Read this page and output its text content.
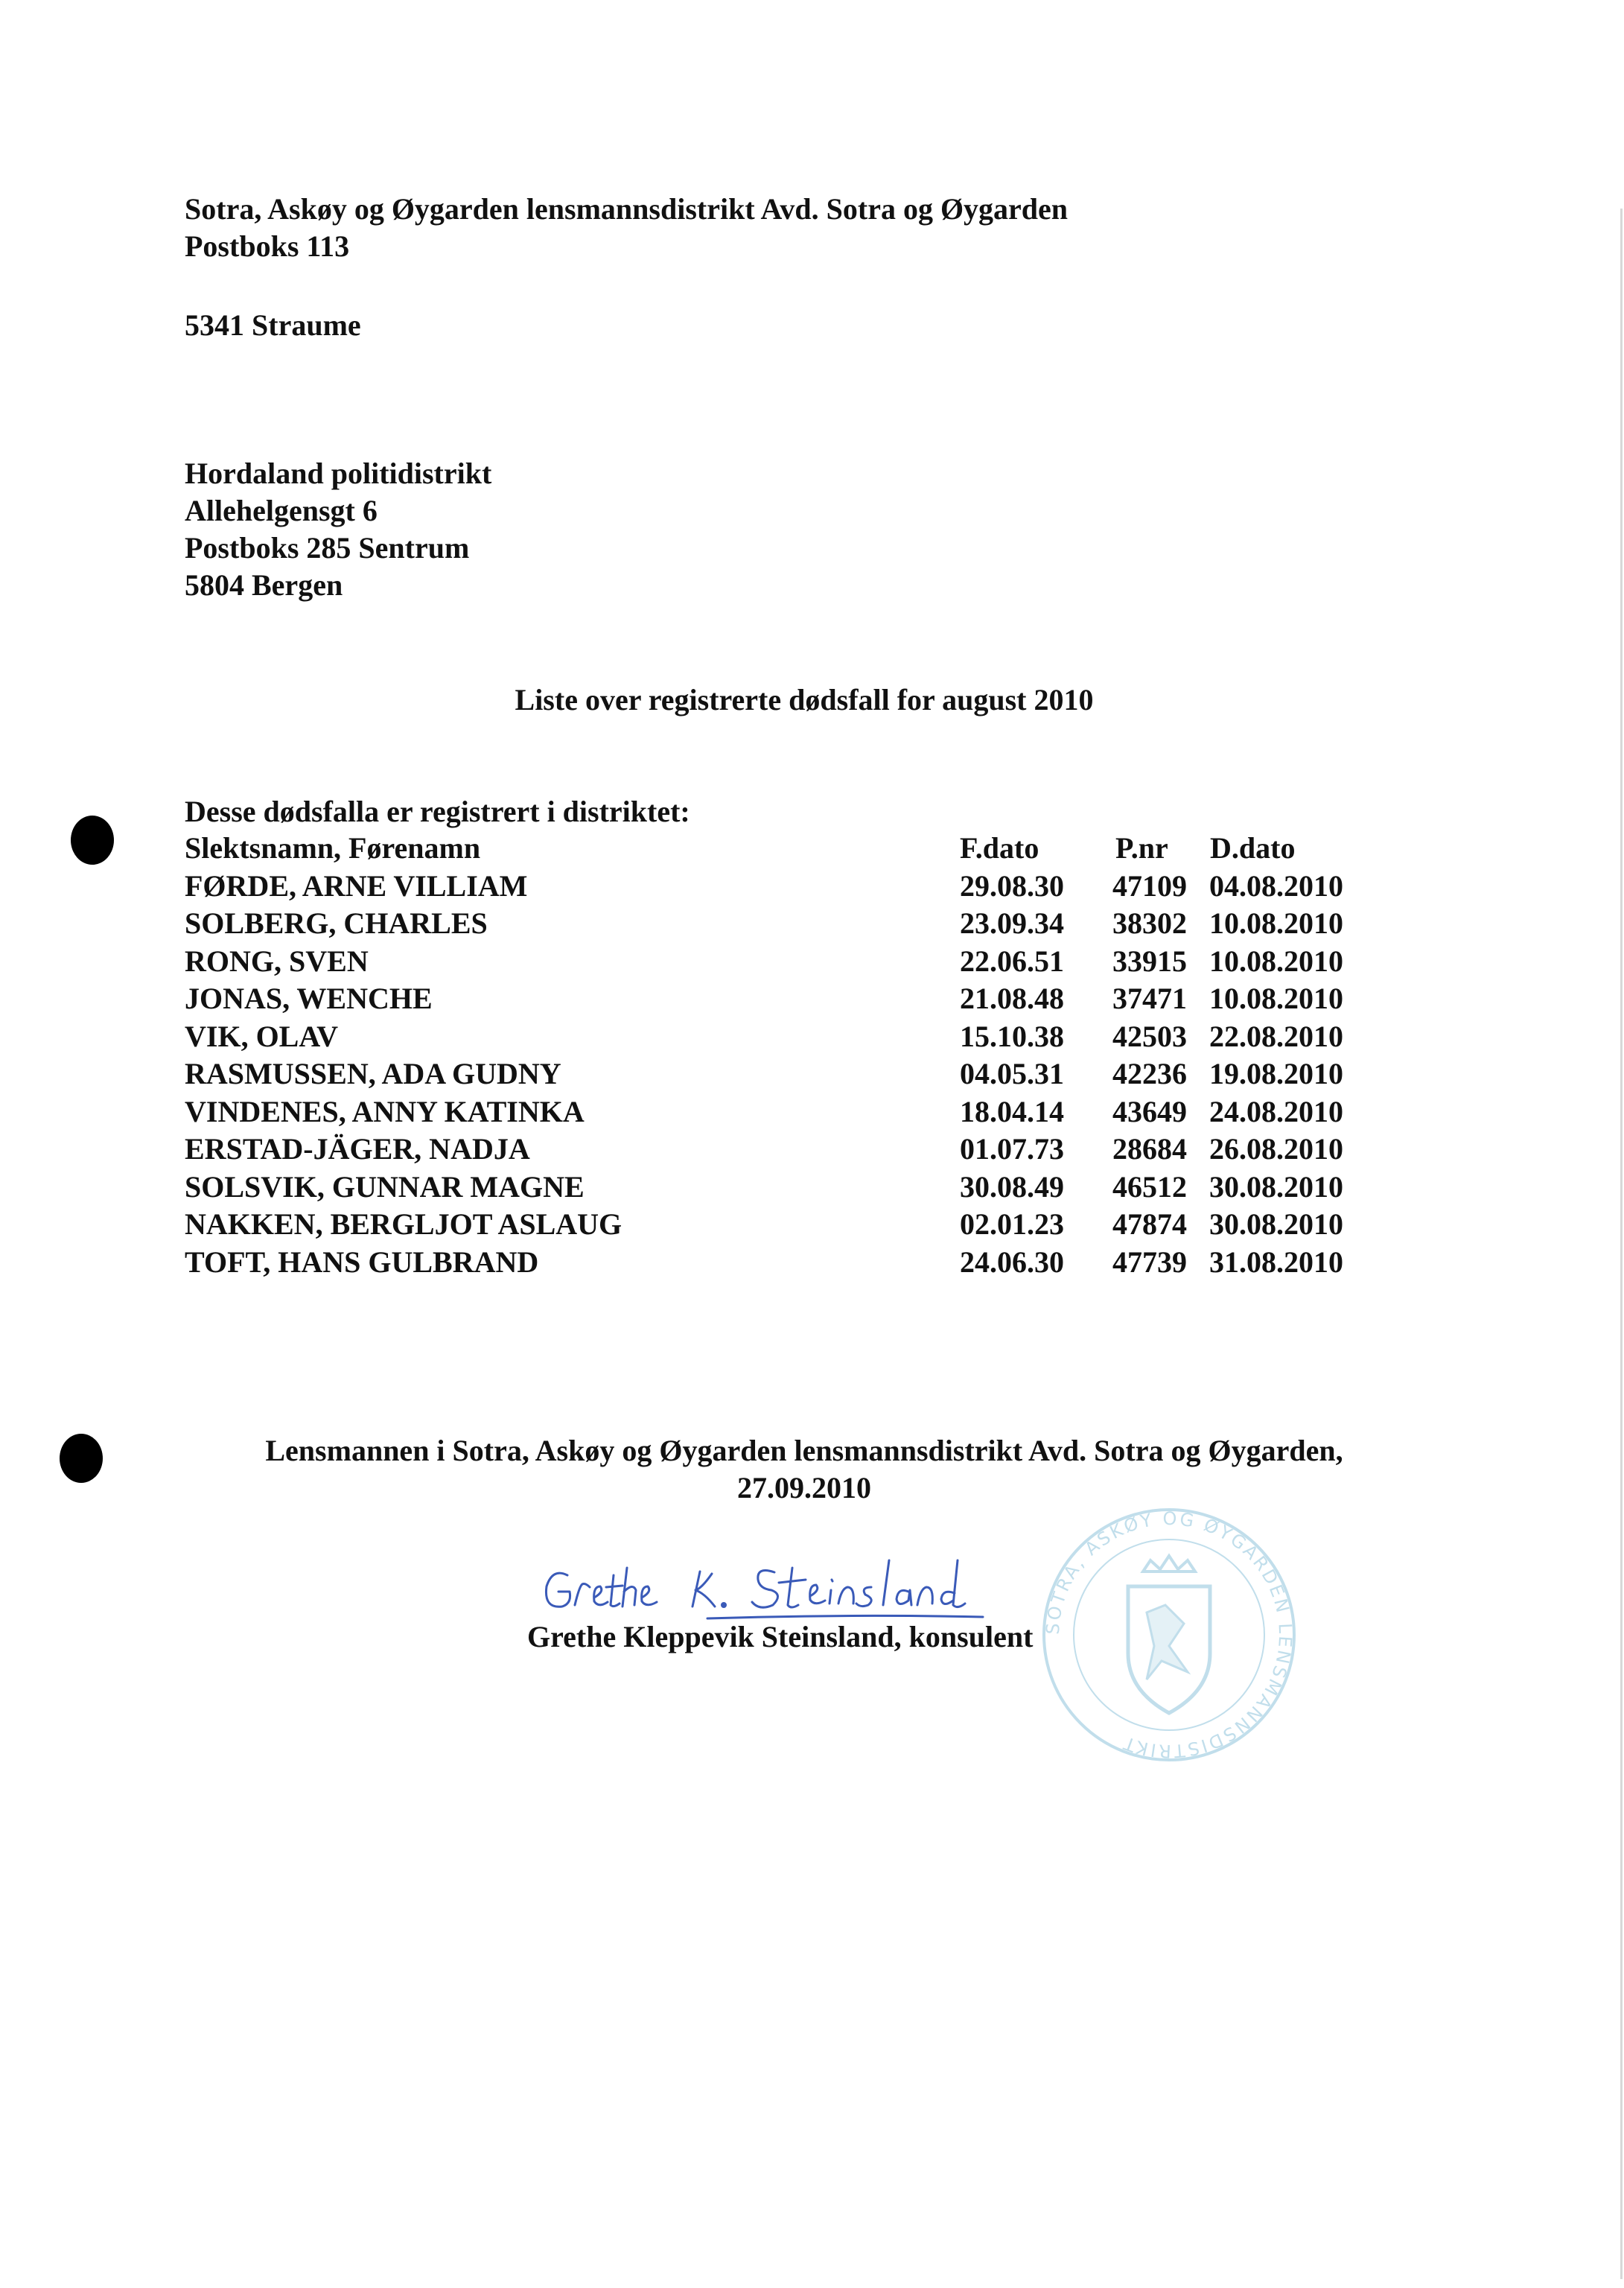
Sotra, Askøy og Øygarden lensmannsdistrikt Avd. Sotra og Øygarden
Postboks 113
5341 Straume
Hordaland politidistrikt
Allehelgensgt 6
Postboks 285 Sentrum
5804 Bergen
Liste over registrerte dødsfall for august 2010
Desse dødsfalla er registrert i distriktet:
Slektsnamn, Førenamn	F.dato	P.nr D.dato
FØRDE, ARNE VILLIAM	29.08.30 47109 04.08.2010
SOLBERG, CHARLES	23.09.34 38302 10.08.2010
RONG, SVEN	22.06.51 33915 10.08.2010
JONAS, WENCHE	21.08.48 37471 10.08.2010
VIK, OLAV	15.10.38 42503 22.08.2010
RASMUSSEN, ADA GUDNY	04.05.31 42236 19.08.2010
VINDENES, ANNY KATINKA	18.04.14 43649 24.08.2010
ERSTAD-JÄGER, NADJA	01.07.73 28684 26.08.2010
SOLSVIK, GUNNAR MAGNE	30.08.49 46512 30.08.2010
NAKKEN, BERGLJOT ASLAUG	02.01.23 47874 30.08.2010
TOFT, HANS GULBRAND	24.06.30 47739 31.08.2010
Lensmannen i Sotra, Askøy og Øygarden lensmannsdistrikt Avd. Sotra og Øygarden,
27.09.2010
SOTRA, ASKØY OG ØYGARDEN LENSMANNSDISTRIKT
Grethe Kleppevik Steinsland, konsulent
